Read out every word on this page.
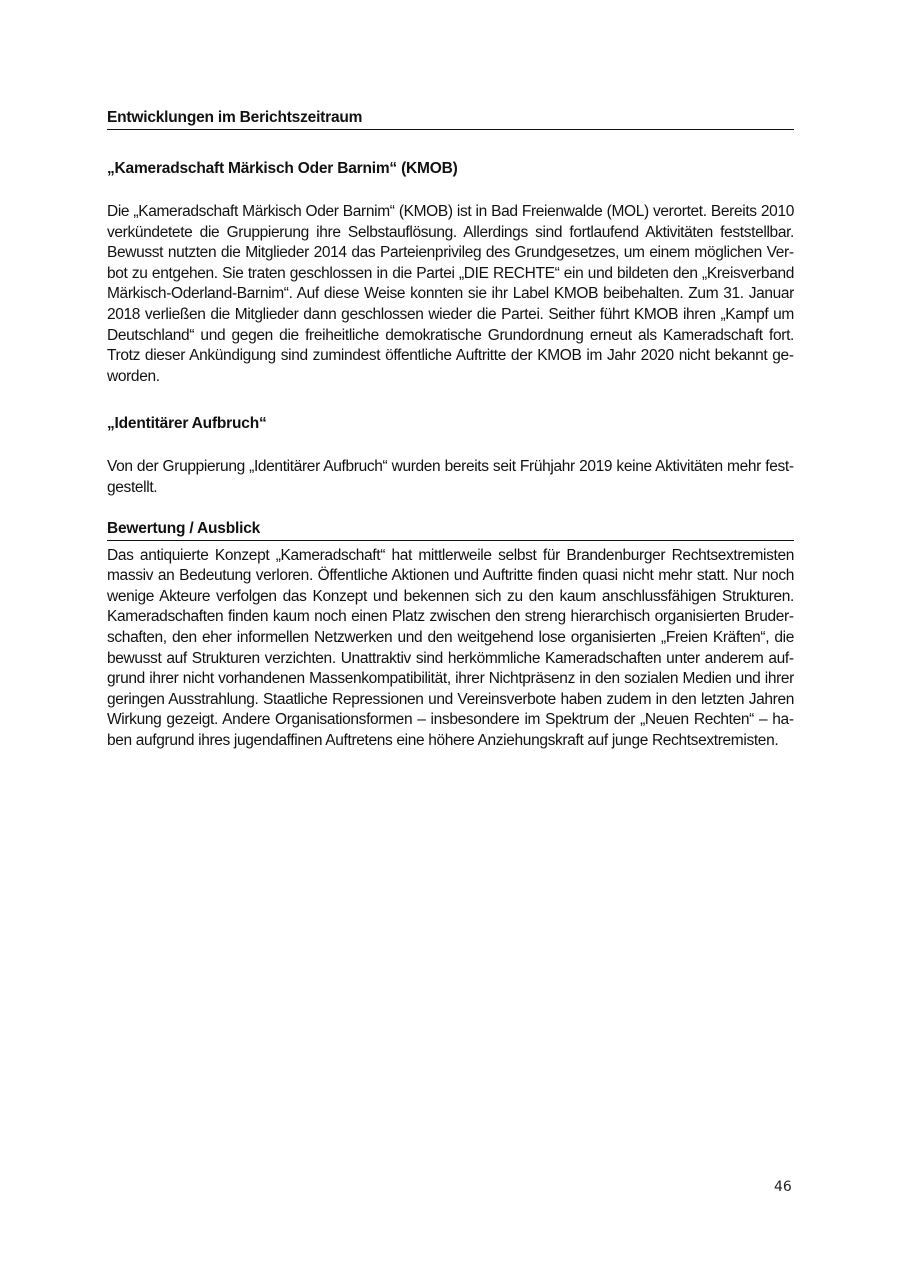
Entwicklungen im Berichtszeitraum
„Kameradschaft Märkisch Oder Barnim“ (KMOB)

Die „Kameradschaft Märkisch Oder Barnim“ (KMOB) ist in Bad Freienwalde (MOL) verortet. Bereits 2010 verkündetete die Gruppierung ihre Selbstauflösung. Allerdings sind fortlaufend Aktivitäten feststellbar. Bewusst nutzten die Mitglieder 2014 das Parteienprivileg des Grundgesetzes, um einem möglichen Verbot zu entgehen. Sie traten geschlossen in die Partei „DIE RECHTE“ ein und bildeten den „Kreisverband Märkisch-Oderland-Barnim“. Auf diese Weise konnten sie ihr Label KMOB beibehalten. Zum 31. Januar 2018 verließen die Mitglieder dann geschlossen wieder die Partei. Seither führt KMOB ihren „Kampf um Deutschland“ und gegen die freiheitliche demokratische Grundordnung erneut als Kameradschaft fort. Trotz dieser Ankündigung sind zumindest öffentliche Auftritte der KMOB im Jahr 2020 nicht bekannt geworden.

„Identitärer Aufbruch“

Von der Gruppierung „Identitärer Aufbruch“ wurden bereits seit Frühjahr 2019 keine Aktivitäten mehr festgestellt.

Bewertung / Ausblick

Das antiquierte Konzept „Kameradschaft“ hat mittlerweile selbst für Brandenburger Rechtsextremisten massiv an Bedeutung verloren. Öffentliche Aktionen und Auftritte finden quasi nicht mehr statt. Nur noch wenige Akteure verfolgen das Konzept und bekennen sich zu den kaum anschlussfähigen Strukturen. Kameradschaften finden kaum noch einen Platz zwischen den streng hierarchisch organisierten Bruderschaften, den eher informellen Netzwerken und den weitgehend lose organisierten „Freien Kräften“, die bewusst auf Strukturen verzichten. Unattraktiv sind herkömmliche Kameradschaften unter anderem aufgrund ihrer nicht vorhandenen Massenkompatibilität, ihrer Nichtpräsenz in den sozialen Medien und ihrer geringen Ausstrahlung. Staatliche Repressionen und Vereinsverbote haben zudem in den letzten Jahren Wirkung gezeigt. Andere Organisationsformen – insbesondere im Spektrum der „Neuen Rechten“ – haben aufgrund ihres jugendaffinen Auftretens eine höhere Anziehungskraft auf junge Rechtsextremisten.

46
